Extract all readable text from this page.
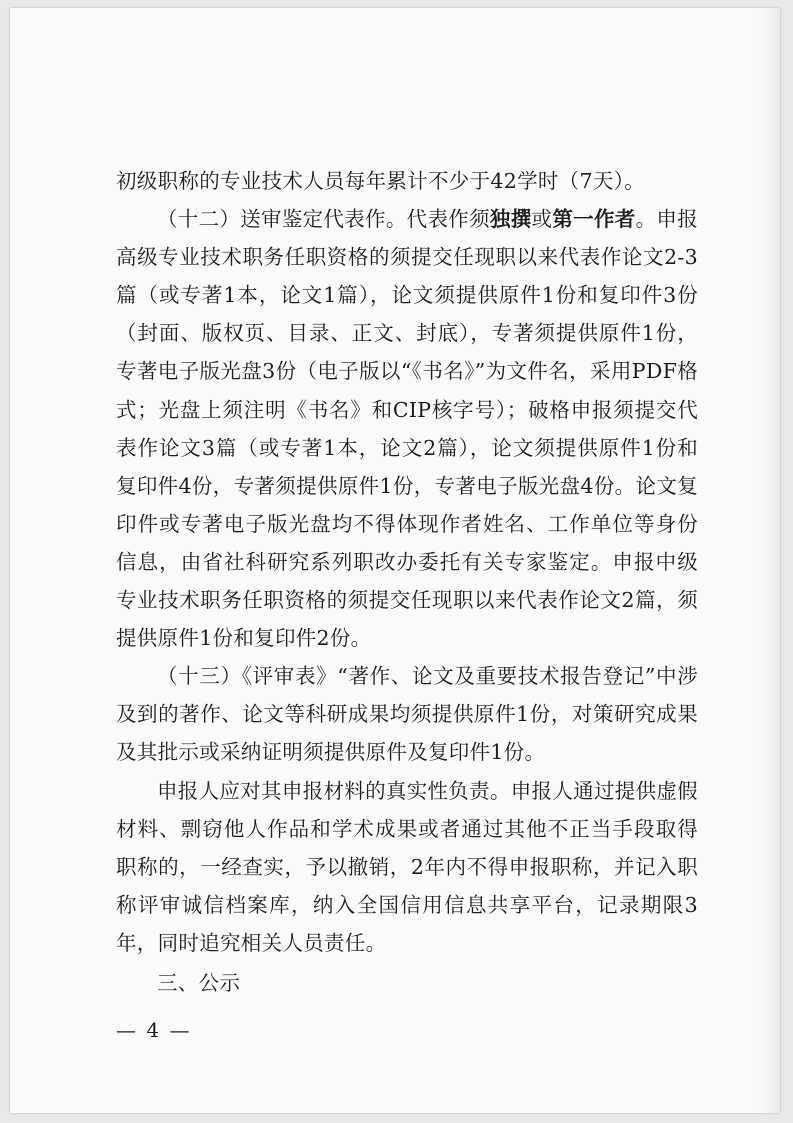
初级职称的专业技术人员每年累计不少于42学时（7天）。

（十二）送审鉴定代表作。代表作须独撰或第一作者。申报高级专业技术职务任职资格的须提交任现职以来代表作论文2-3篇（或专著1本，论文1篇），论文须提供原件1份和复印件3份（封面、版权页、目录、正文、封底），专著须提供原件1份，专著电子版光盘3份（电子版以“《书名》”为文件名，采用PDF格式；光盘上须注明《书名》和CIP核字号）；破格申报须提交代表作论文3篇（或专著1本，论文2篇），论文须提供原件1份和复印件4份，专著须提供原件1份，专著电子版光盘4份。论文复印件或专著电子版光盘均不得体现作者姓名、工作单位等身份信息，由省社科研究系列职改办委托有关专家鉴定。申报中级专业技术职务任职资格的须提交任现职以来代表作论文2篇，须提供原件1份和复印件2份。

（十三）《评审表》“著作、论文及重要技术报告登记”中涉及到的著作、论文等科研成果均须提供原件1份，对策研究成果及其批示或采纳证明须提供原件及复印件1份。

申报人应对其申报材料的真实性负责。申报人通过提供虚假材料、剽窃他人作品和学术成果或者通过其他不正当手段取得职称的，一经查实，予以撤销，2年内不得申报职称，并记入职称评审诚信档案库，纳入全国信用信息共享平台，记录期限3年，同时追究相关人员责任。

三、公示

— 4 —
